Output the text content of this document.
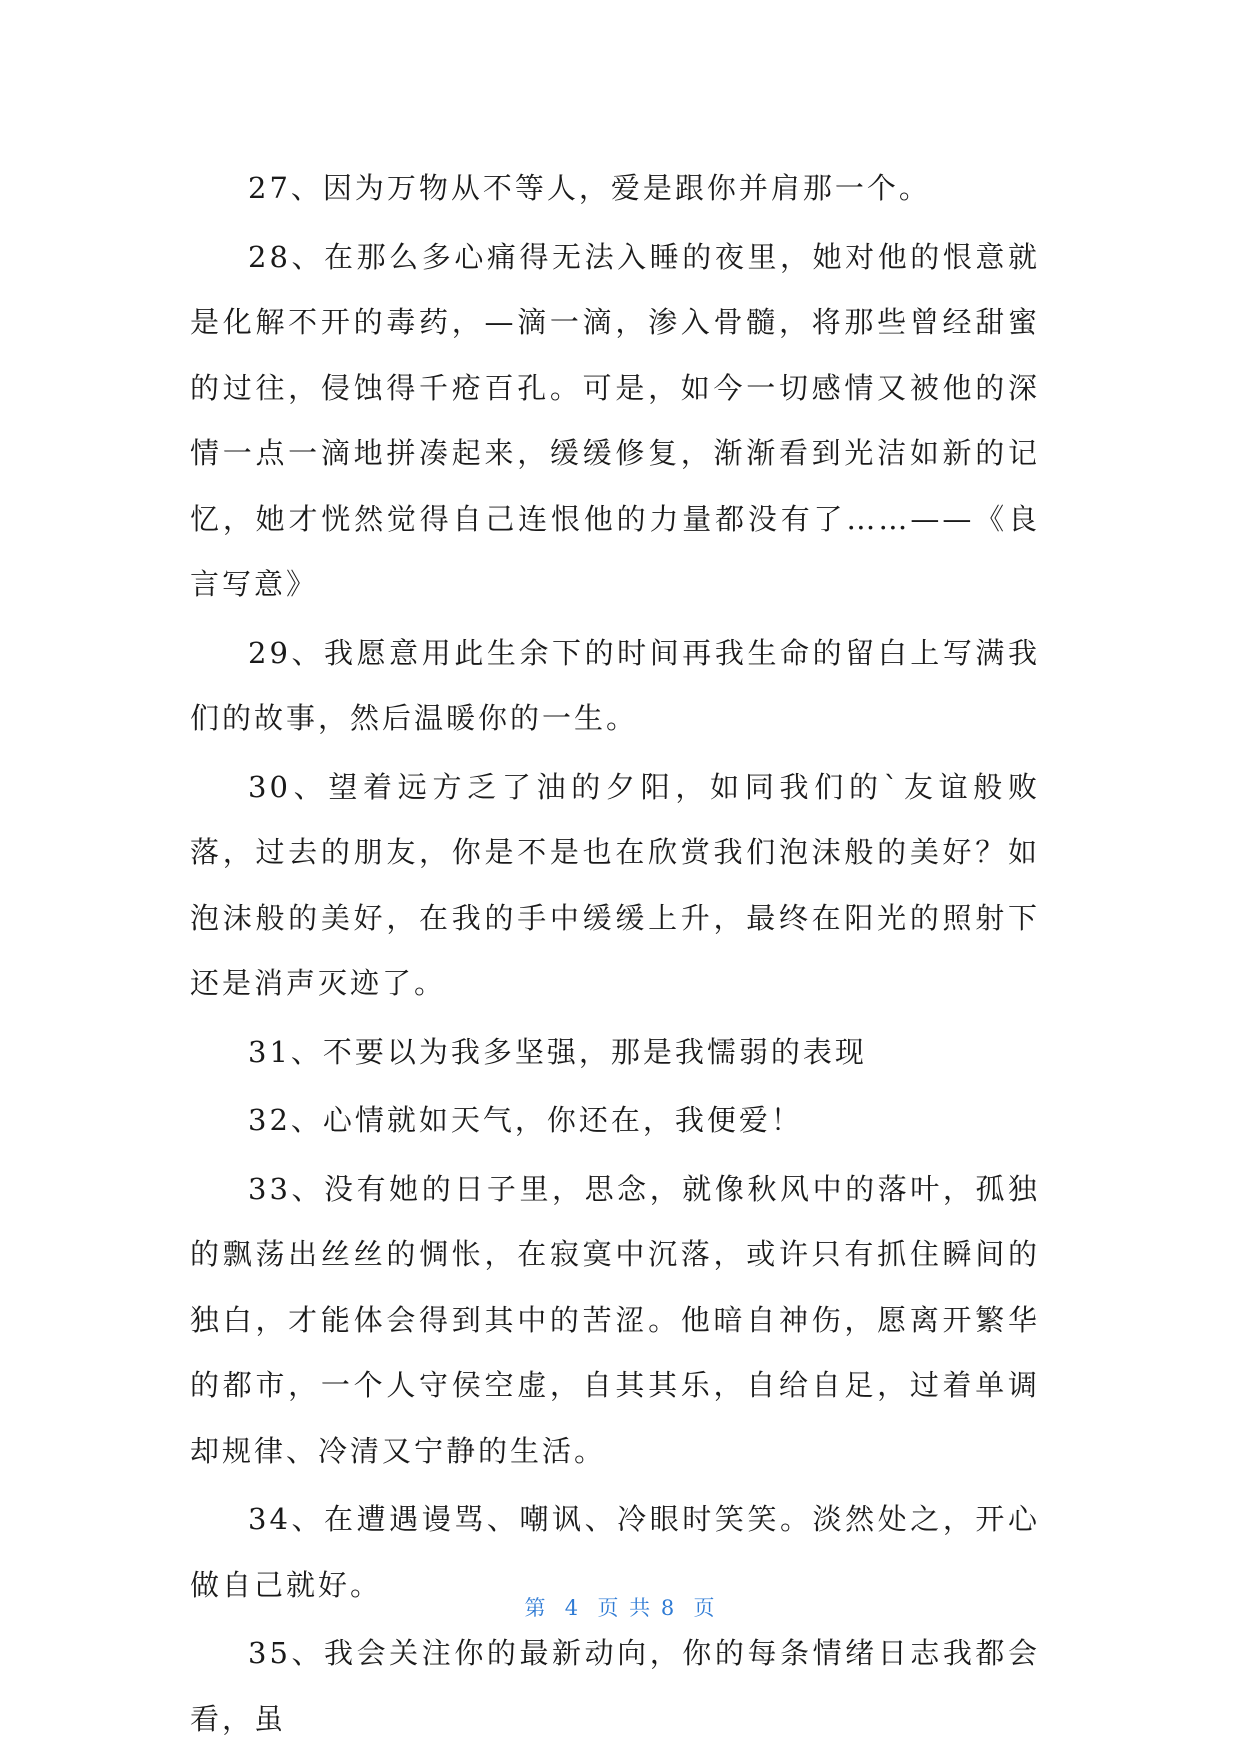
27、因为万物从不等人，爱是跟你并肩那一个。

28、在那么多心痛得无法入睡的夜里，她对他的恨意就是化解不开的毒药，—滴一滴，渗入骨髓，将那些曾经甜蜜的过往，侵蚀得千疮百孔。可是，如今一切感情又被他的深情一点一滴地拼凑起来，缓缓修复，渐渐看到光洁如新的记忆，她才恍然觉得自己连恨他的力量都没有了……——《良言写意》

29、我愿意用此生余下的时间再我生命的留白上写满我们的故事，然后温暖你的一生。

30、望着远方乏了油的夕阳，如同我们的`友谊般败落，过去的朋友，你是不是也在欣赏我们泡沫般的美好？如泡沫般的美好，在我的手中缓缓上升，最终在阳光的照射下还是消声灭迹了。

31、不要以为我多坚强，那是我懦弱的表现

32、心情就如天气，你还在，我便爱！

33、没有她的日子里，思念，就像秋风中的落叶，孤独的飘荡出丝丝的惆怅，在寂寞中沉落，或许只有抓住瞬间的独白，才能体会得到其中的苦涩。他暗自神伤，愿离开繁华的都市，一个人守侯空虚，自其其乐，自给自足，过着单调却规律、冷清又宁静的生活。

34、在遭遇谩骂、嘲讽、冷眼时笑笑。淡然处之，开心做自己就好。

35、我会关注你的最新动向，你的每条情绪日志我都会看，虽

第  4  页 共 8  页
